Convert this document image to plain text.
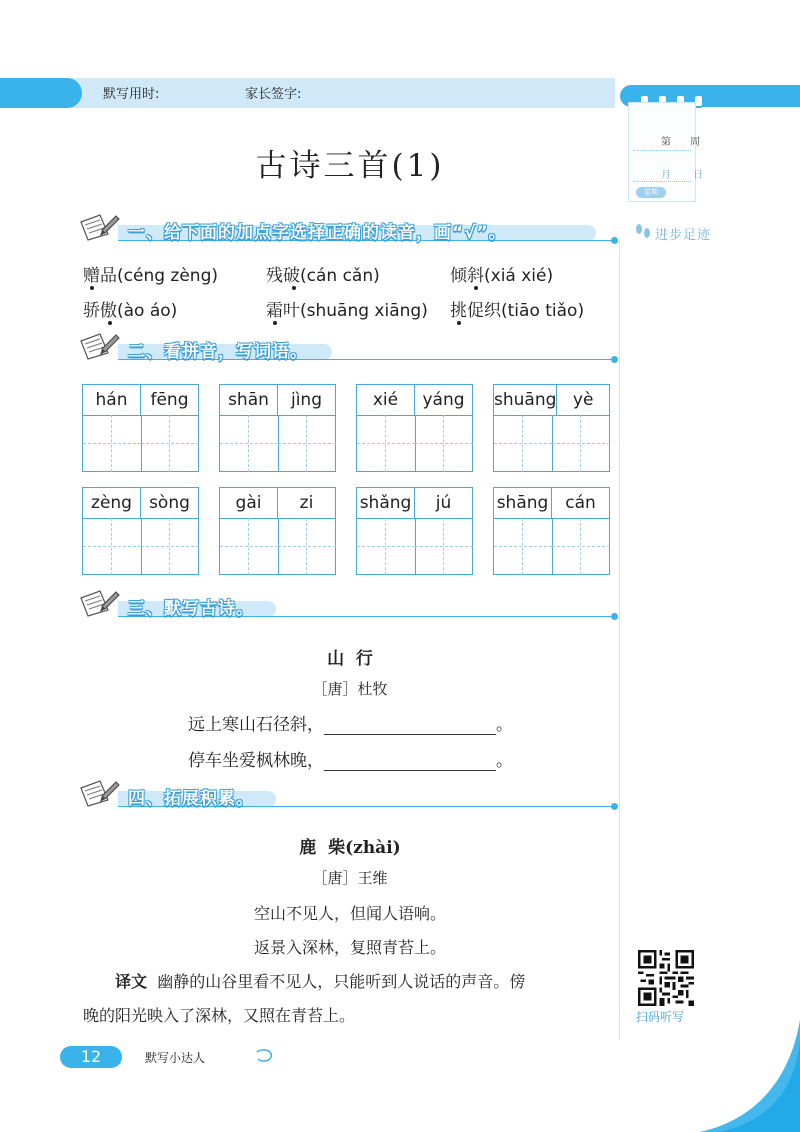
默写用时:	家长签字:
第 周
月 日
星期
进步足迹
古诗三首(1)
一、给下面的加点字选择正确的读音，画“√”。
赠品(céng zèng)	残破(cán cǎn)	倾斜(xiá xié)
骄傲(ào áo)	霜叶(shuāng xiāng) 挑促织(tiāo tiǎo)
二、看拼音，写词语。
hán	fēng	shān	jìng	xié	yáng	shuāng yè
zèng	sòng	gài	zi	shǎng	jú	shāng cán
三、默写古诗。
山  行
［唐］杜牧
远上寒山石径斜，	。
停车坐爱枫林晚，	。
四、拓展积累。
鹿  柴(zhài)
［唐］王维
空山不见人，但闻人语响。
返景入深林，复照青苔上。
译文 幽静的山谷里看不见人，只能听到人说话的声音。傍
晚的阳光映入了深林，又照在青苔上。	扫码听写
12	默写小达人
